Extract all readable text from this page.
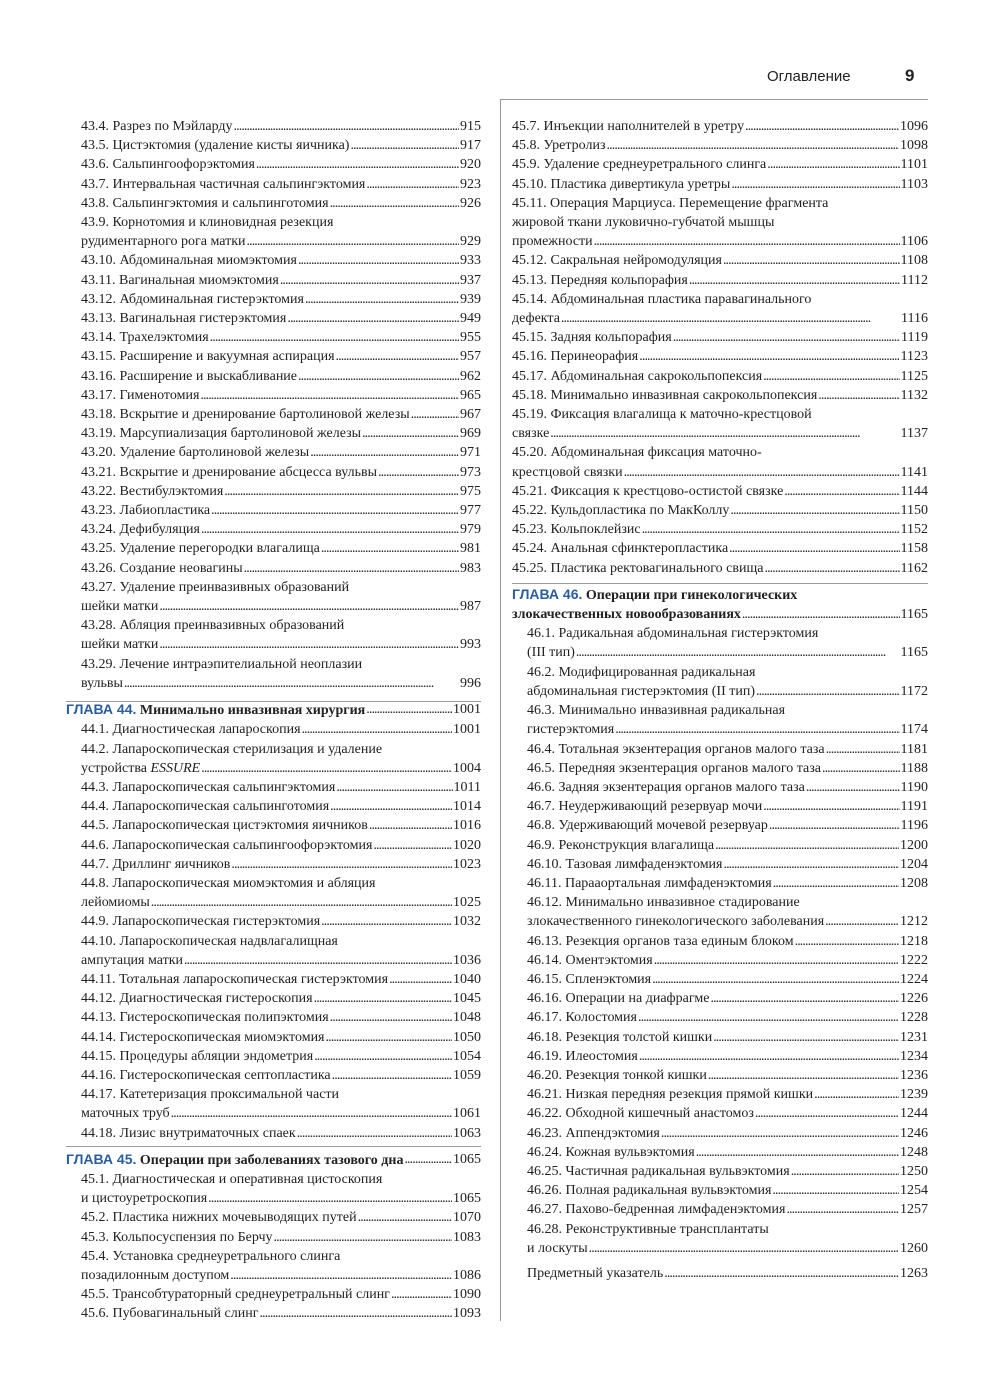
Оглавление	9
43.4. Разрез по Мэйларду . . .	915
43.5. Цистэктомия (удаление кисты яичника) . . .	917
43.6. Сальпингоофорэктомия . . .	920
43.7. Интервальная частичная сальпингэктомия . . .	923
43.8. Сальпингэктомия и сальпинготомия . . .	926
43.9. Корнотомия и клиновидная резекция
рудиментарного рога матки . . .	929
43.10. Абдоминальная миомэктомия . . .	933
43.11. Вагинальная миомэктомия . . .	937
43.12. Абдоминальная гистерэктомия . . .	939
43.13. Вагинальная гистерэктомия . . .	949
43.14. Трахелэктомия . . .	955
43.15. Расширение и вакуумная аспирация . . .	957
43.16. Расширение и выскабливание . . .	962
43.17. Гименотомия . . .	965
43.18. Вскрытие и дренирование бартолиновой железы . . .	967
43.19. Марсупиализация бартолиновой железы . . .	969
43.20. Удаление бартолиновой железы . . .	971
43.21. Вскрытие и дренирование абсцесса вульвы . . .	973
43.22. Вестибулэктомия . . .	975
43.23. Лабиопластика . . .	977
43.24. Дефибуляция . . .	979
43.25. Удаление перегородки влагалища . . .	981
43.26. Создание неовагины . . .	983
43.27. Удаление преинвазивных образований
шейки матки . . .	987
43.28. Абляция преинвазивных образований
шейки матки . . .	993
43.29. Лечение интраэпителиальной неоплазии
вульвы . . .	996
ГЛАВА 44. Минимально инвазивная хирургия . . .	1001
44.1. Диагностическая лапароскопия . . .	1001
44.2. Лапароскопическая стерилизация и удаление
устройства ESSURE . . .	1004
44.3. Лапароскопическая сальпингэктомия . . .	1011
44.4. Лапароскопическая сальпинготомия . . .	1014
44.5. Лапароскопическая цистэктомия яичников . . .	1016
44.6. Лапароскопическая сальпингоофорэктомия . . .	1020
44.7. Дриллинг яичников . . .	1023
44.8. Лапароскопическая миомэктомия и абляция
лейомиомы . . .	1025
44.9. Лапароскопическая гистерэктомия . . .	1032
44.10. Лапароскопическая надвлагалищная
ампутация матки . . .	1036
44.11. Тотальная лапароскопическая гистерэктомия . . .	1040
44.12. Диагностическая гистероскопия . . .	1045
44.13. Гистероскопическая полипэктомия . . .	1048
44.14. Гистероскопическая миомэктомия . . .	1050
44.15. Процедуры абляции эндометрия . . .	1054
44.16. Гистероскопическая септопластика . . .	1059
44.17. Катетеризация проксимальной части
маточных труб . . .	1061
44.18. Лизис внутриматочных спаек . . .	1063
ГЛАВА 45. Операции при заболеваниях тазового дна . . .	1065
45.1. Диагностическая и оперативная цистоскопия
и цистоуретроскопия . . .	1065
45.2. Пластика нижних мочевыводящих путей . . .	1070
45.3. Кольпосуспензия по Берчу . . .	1083
45.4. Установка среднеуретрального слинга
позадилонным доступом . . .	1086
45.5. Трансобтураторный среднеуретральный слинг . . .	1090
45.6. Пубовагинальный слинг . . .	1093
45.7. Инъекции наполнителей в уретру . . .	1096
45.8. Уретролиз . . .	1098
45.9. Удаление среднеуретрального слинга . . .	1101
45.10. Пластика дивертикула уретры . . .	1103
45.11. Операция Марциуса. Перемещение фрагмента
жировой ткани луковично-губчатой мышцы
промежности . . .	1106
45.12. Сакральная нейромодуляция . . .	1108
45.13. Передняя кольпорафия . . .	1112
45.14. Абдоминальная пластика паравагинального
дефекта . . .	1116
45.15. Задняя кольпорафия . . .	1119
45.16. Перинеорафия . . .	1123
45.17. Абдоминальная сакрокольпопексия . . .	1125
45.18. Минимально инвазивная сакрокольпопексия . . .	1132
45.19. Фиксация влагалища к маточно-крестцовой
связке . . .	1137
45.20. Абдоминальная фиксация маточно-
крестцовой связки . . .	1141
45.21. Фиксация к крестцово-остистой связке . . .	1144
45.22. Кульдопластика по МакКоллу . . .	1150
45.23. Кольпоклейзис . . .	1152
45.24. Анальная сфинктеропластика . . .	1158
45.25. Пластика ректовагинального свища . . .	1162
ГЛАВА 46. Операции при гинекологических
злокачественных новообразованиях . . .	1165
46.1. Радикальная абдоминальная гистерэктомия
(III тип) . . .	1165
46.2. Модифицированная радикальная
абдоминальная гистерэктомия (II тип) . . .	1172
46.3. Минимально инвазивная радикальная
гистерэктомия . . .	1174
46.4. Тотальная экзентерация органов малого таза . . .	1181
46.5. Передняя экзентерация органов малого таза . . .	1188
46.6. Задняя экзентерация органов малого таза . . .	1190
46.7. Неудерживающий резервуар мочи . . .	1191
46.8. Удерживающий мочевой резервуар . . .	1196
46.9. Реконструкция влагалища . . .	1200
46.10. Тазовая лимфаденэктомия . . .	1204
46.11. Парааортальная лимфаденэктомия . . .	1208
46.12. Минимально инвазивное стадирование
злокачественного гинекологического заболевания . . .	1212
46.13. Резекция органов таза единым блоком . . .	1218
46.14. Оментэктомия . . .	1222
46.15. Спленэктомия . . .	1224
46.16. Операции на диафрагме . . .	1226
46.17. Колостомия . . .	1228
46.18. Резекция толстой кишки . . .	1231
46.19. Илеостомия . . .	1234
46.20. Резекция тонкой кишки . . .	1236
46.21. Низкая передняя резекция прямой кишки . . .	1239
46.22. Обходной кишечный анастомоз . . .	1244
46.23. Аппендэктомия . . .	1246
46.24. Кожная вульвэктомия . . .	1248
46.25. Частичная радикальная вульвэктомия . . .	1250
46.26. Полная радикальная вульвэктомия . . .	1254
46.27. Пахово-бедренная лимфаденэктомия . . .	1257
46.28. Реконструктивные трансплантаты
и лоскуты . . .	1260
Предметный указатель . . .	1263
